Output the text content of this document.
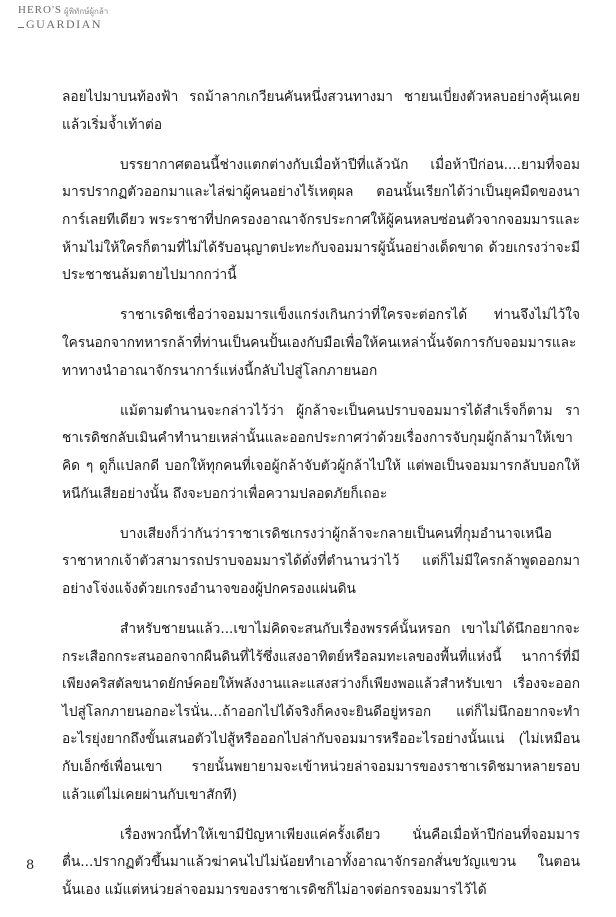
HERO'S ผู้พิทักษ์ผู้กล้า
GUARDIAN

ลอยไปมาบนท้องฟ้า รถม้าลากเกวียนคันหนึ่งสวนทางมา ชายนเบี่ยงตัวหลบอย่างคุ้นเคยแล้วเริ่มจ้ำเท้าต่อ

บรรยากาศตอนนี้ช่างแตกต่างกับเมื่อห้าปีที่แล้วนัก เมื่อห้าปีก่อน....ยามที่จอมมารปรากฏตัวออกมาและไล่ฆ่าผู้คนอย่างไร้เหตุผล ตอนนั้นเรียกได้ว่าเป็นยุคมืดของนาการ์เลยทีเดียว พระราชาที่ปกครองอาณาจักรประกาศให้ผู้คนหลบซ่อนตัวจากจอมมารและห้ามไม่ให้ใครก็ตามที่ไม่ได้รับอนุญาตปะทะกับจอมมารผู้นั้นอย่างเด็ดขาด ด้วยเกรงว่าจะมีประชาชนล้มตายไปมากกว่านี้

ราชาเรดิชเชื่อว่าจอมมารแข็งแกร่งเกินกว่าที่ใครจะต่อกรได้ ท่านจึงไม่ไว้ใจใครนอกจากทหารกล้าที่ท่านเป็นคนปั้นเองกับมือเพื่อให้คนเหล่านั้นจัดการกับจอมมารและทาทางนำอาณาจักรนาการ์แห่งนี้กลับไปสู่โลกภายนอก

แม้ตามตำนานจะกล่าวไว้ว่า ผู้กล้าจะเป็นคนปราบจอมมารได้สำเร็จก็ตาม ราชาเรดิชกลับเมินคำทำนายเหล่านั้นและออกประกาศว่าด้วยเรื่องการจับกุมผู้กล้ามาให้เขา คิด ๆ ดูก็แปลกดี บอกให้ทุกคนที่เจอผู้กล้าจับตัวผู้กล้าไปให้ แต่พอเป็นจอมมารกลับบอกให้หนีกันเสียอย่างนั้น ถึงจะบอกว่าเพื่อความปลอดภัยก็เถอะ

บางเสียงก็ว่ากันว่าราชาเรดิชเกรงว่าผู้กล้าจะกลายเป็นคนที่กุมอำนาจเหนือราชาหากเจ้าตัวสามารถปราบจอมมารได้ดั่งที่ตำนานว่าไว้ แต่ก็ไม่มีใครกล้าพูดออกมาอย่างโจ่งแจ้งด้วยเกรงอำนาจของผู้ปกครองแผ่นดิน

สำหรับชายนแล้ว...เขาไม่คิดจะสนกับเรื่องพรรค์นั้นหรอก เขาไม่ได้นึกอยากจะกระเสือกกระสนออกจากผืนดินที่ไร้ซึ่งแสงอาทิตย์หรือลมทะเลของพื้นที่แห่งนี้ นาการ์ที่มีเพียงคริสตัลขนาดยักษ์คอยให้พลังงานและแสงสว่างก็เพียงพอแล้วสำหรับเขา เรื่องจะออกไปสู่โลกภายนอกอะไรนั่น...ถ้าออกไปได้จริงก็คงจะยินดีอยู่หรอก แต่ก็ไม่นึกอยากจะทำอะไรยุ่งยากถึงขั้นเสนอตัวไปสู้หรือออกไปล่ากับจอมมารหรืออะไรอย่างนั้นแน่ (ไม่เหมือนกับเอ็กซ์เพื่อนเขา รายนั้นพยายามจะเข้าหน่วยล่าจอมมารของราชาเรดิชมาหลายรอบแล้วแต่ไม่เคยผ่านกับเขาสักที)

เรื่องพวกนี้ทำให้เขามีปัญหาเพียงแค่ครั้งเดียว นั่นคือเมื่อห้าปีก่อนที่จอมมารตื่น...ปรากฏตัวขึ้นมาแล้วฆ่าคนไปไม่น้อยทำเอาทั้งอาณาจักรอกสั่นขวัญแขวน ในตอนนั้นเอง แม้แต่หน่วยล่าจอมมารของราชาเรดิชก็ไม่อาจต่อกรจอมมารไว้ได้

8
